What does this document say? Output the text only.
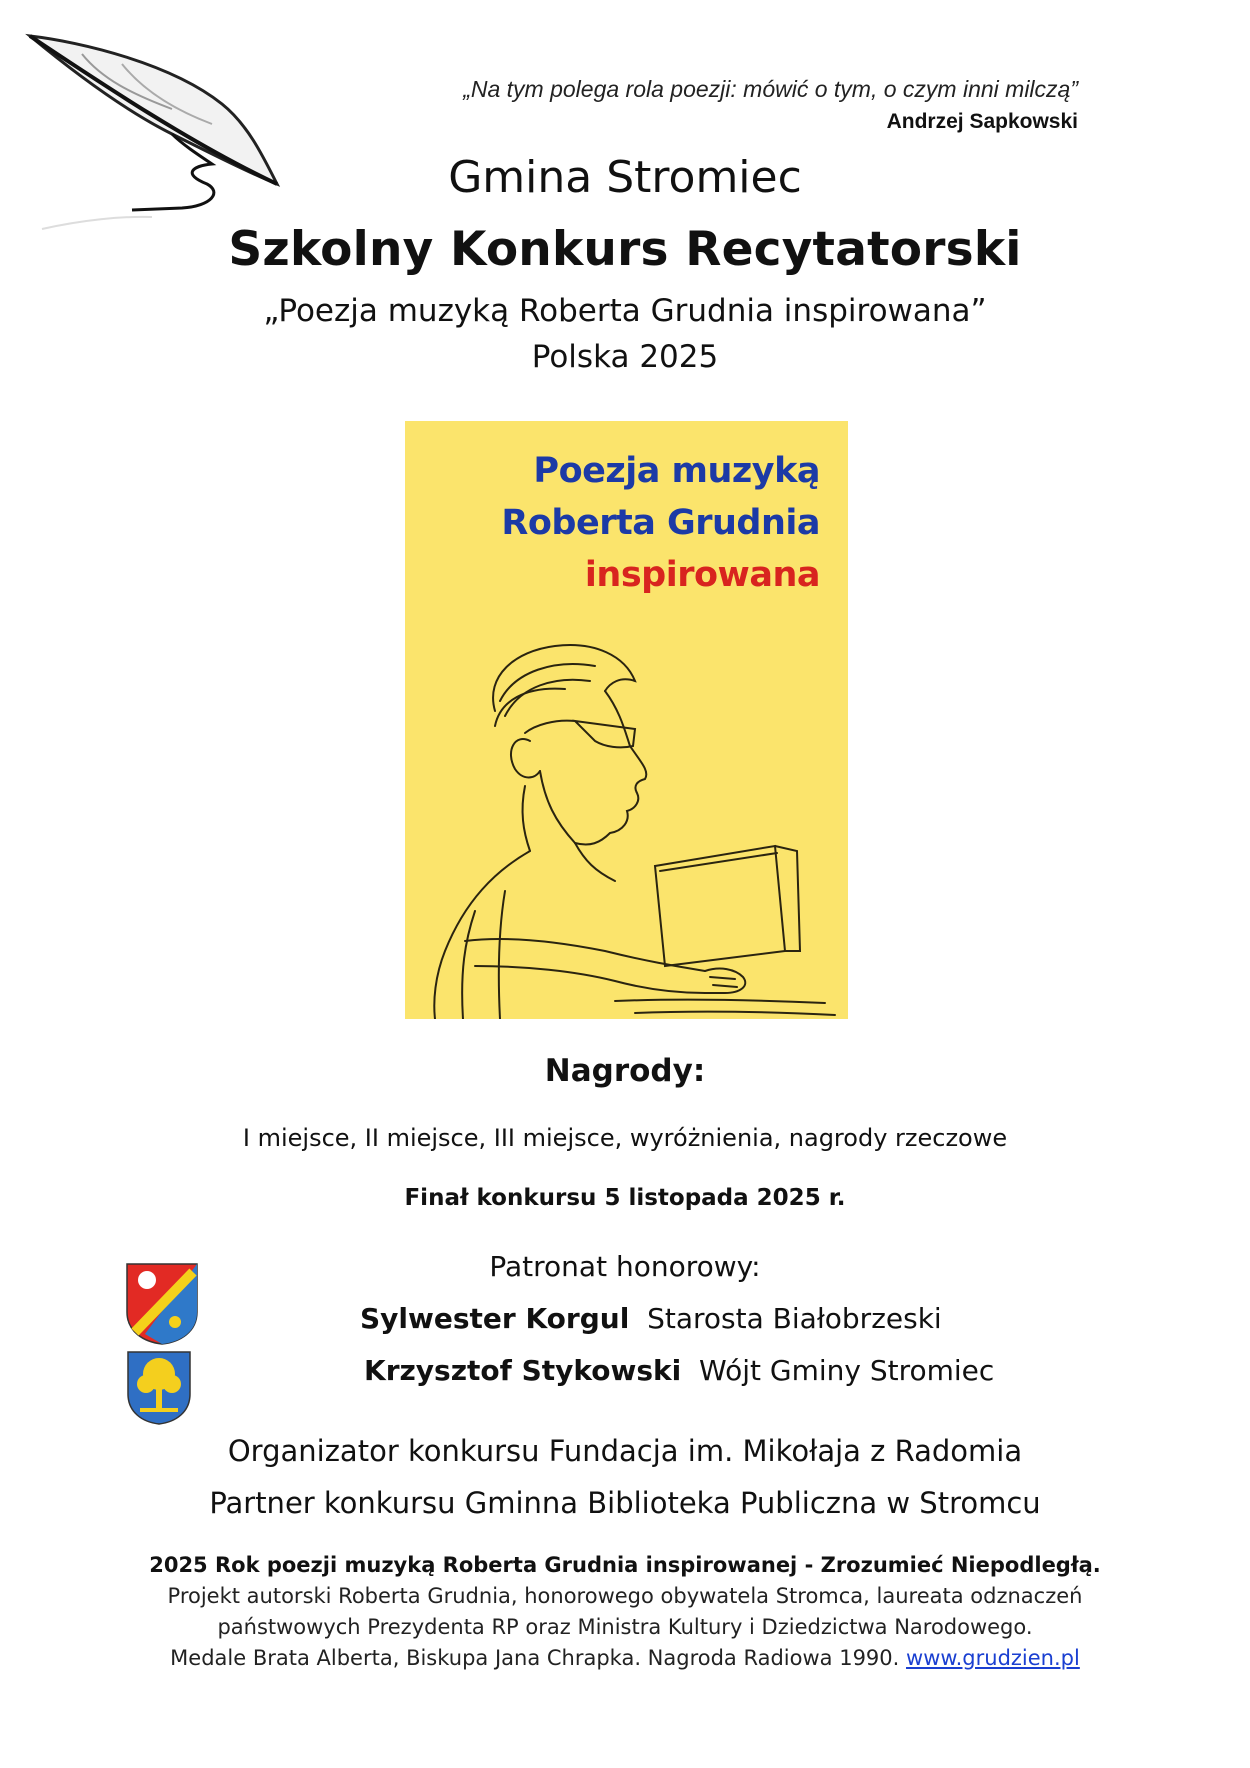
„Na tym polega rola poezji: mówić o tym, o czym inni milczą”
Andrzej Sapkowski
Gmina Stromiec
Szkolny Konkurs Recytatorski
„Poezja muzyką Roberta Grudnia inspirowana”
Polska 2025
Poezja muzyką
Roberta Grudnia
inspirowana
Nagrody:
I miejsce, II miejsce, III miejsce, wyróżnienia, nagrody rzeczowe
Finał konkursu 5 listopada 2025 r.
Patronat honorowy:
Sylwester Korgul Starosta Białobrzeski
Krzysztof Stykowski Wójt Gminy Stromiec
Organizator konkursu Fundacja im. Mikołaja z Radomia
Partner konkursu Gminna Biblioteka Publiczna w Stromcu
2025 Rok poezji muzyką Roberta Grudnia inspirowanej - Zrozumieć Niepodległą.
Projekt autorski Roberta Grudnia, honorowego obywatela Stromca, laureata odznaczeń
państwowych Prezydenta RP oraz Ministra Kultury i Dziedzictwa Narodowego.
Medale Brata Alberta, Biskupa Jana Chrapka. Nagroda Radiowa 1990. www.grudzien.pl
